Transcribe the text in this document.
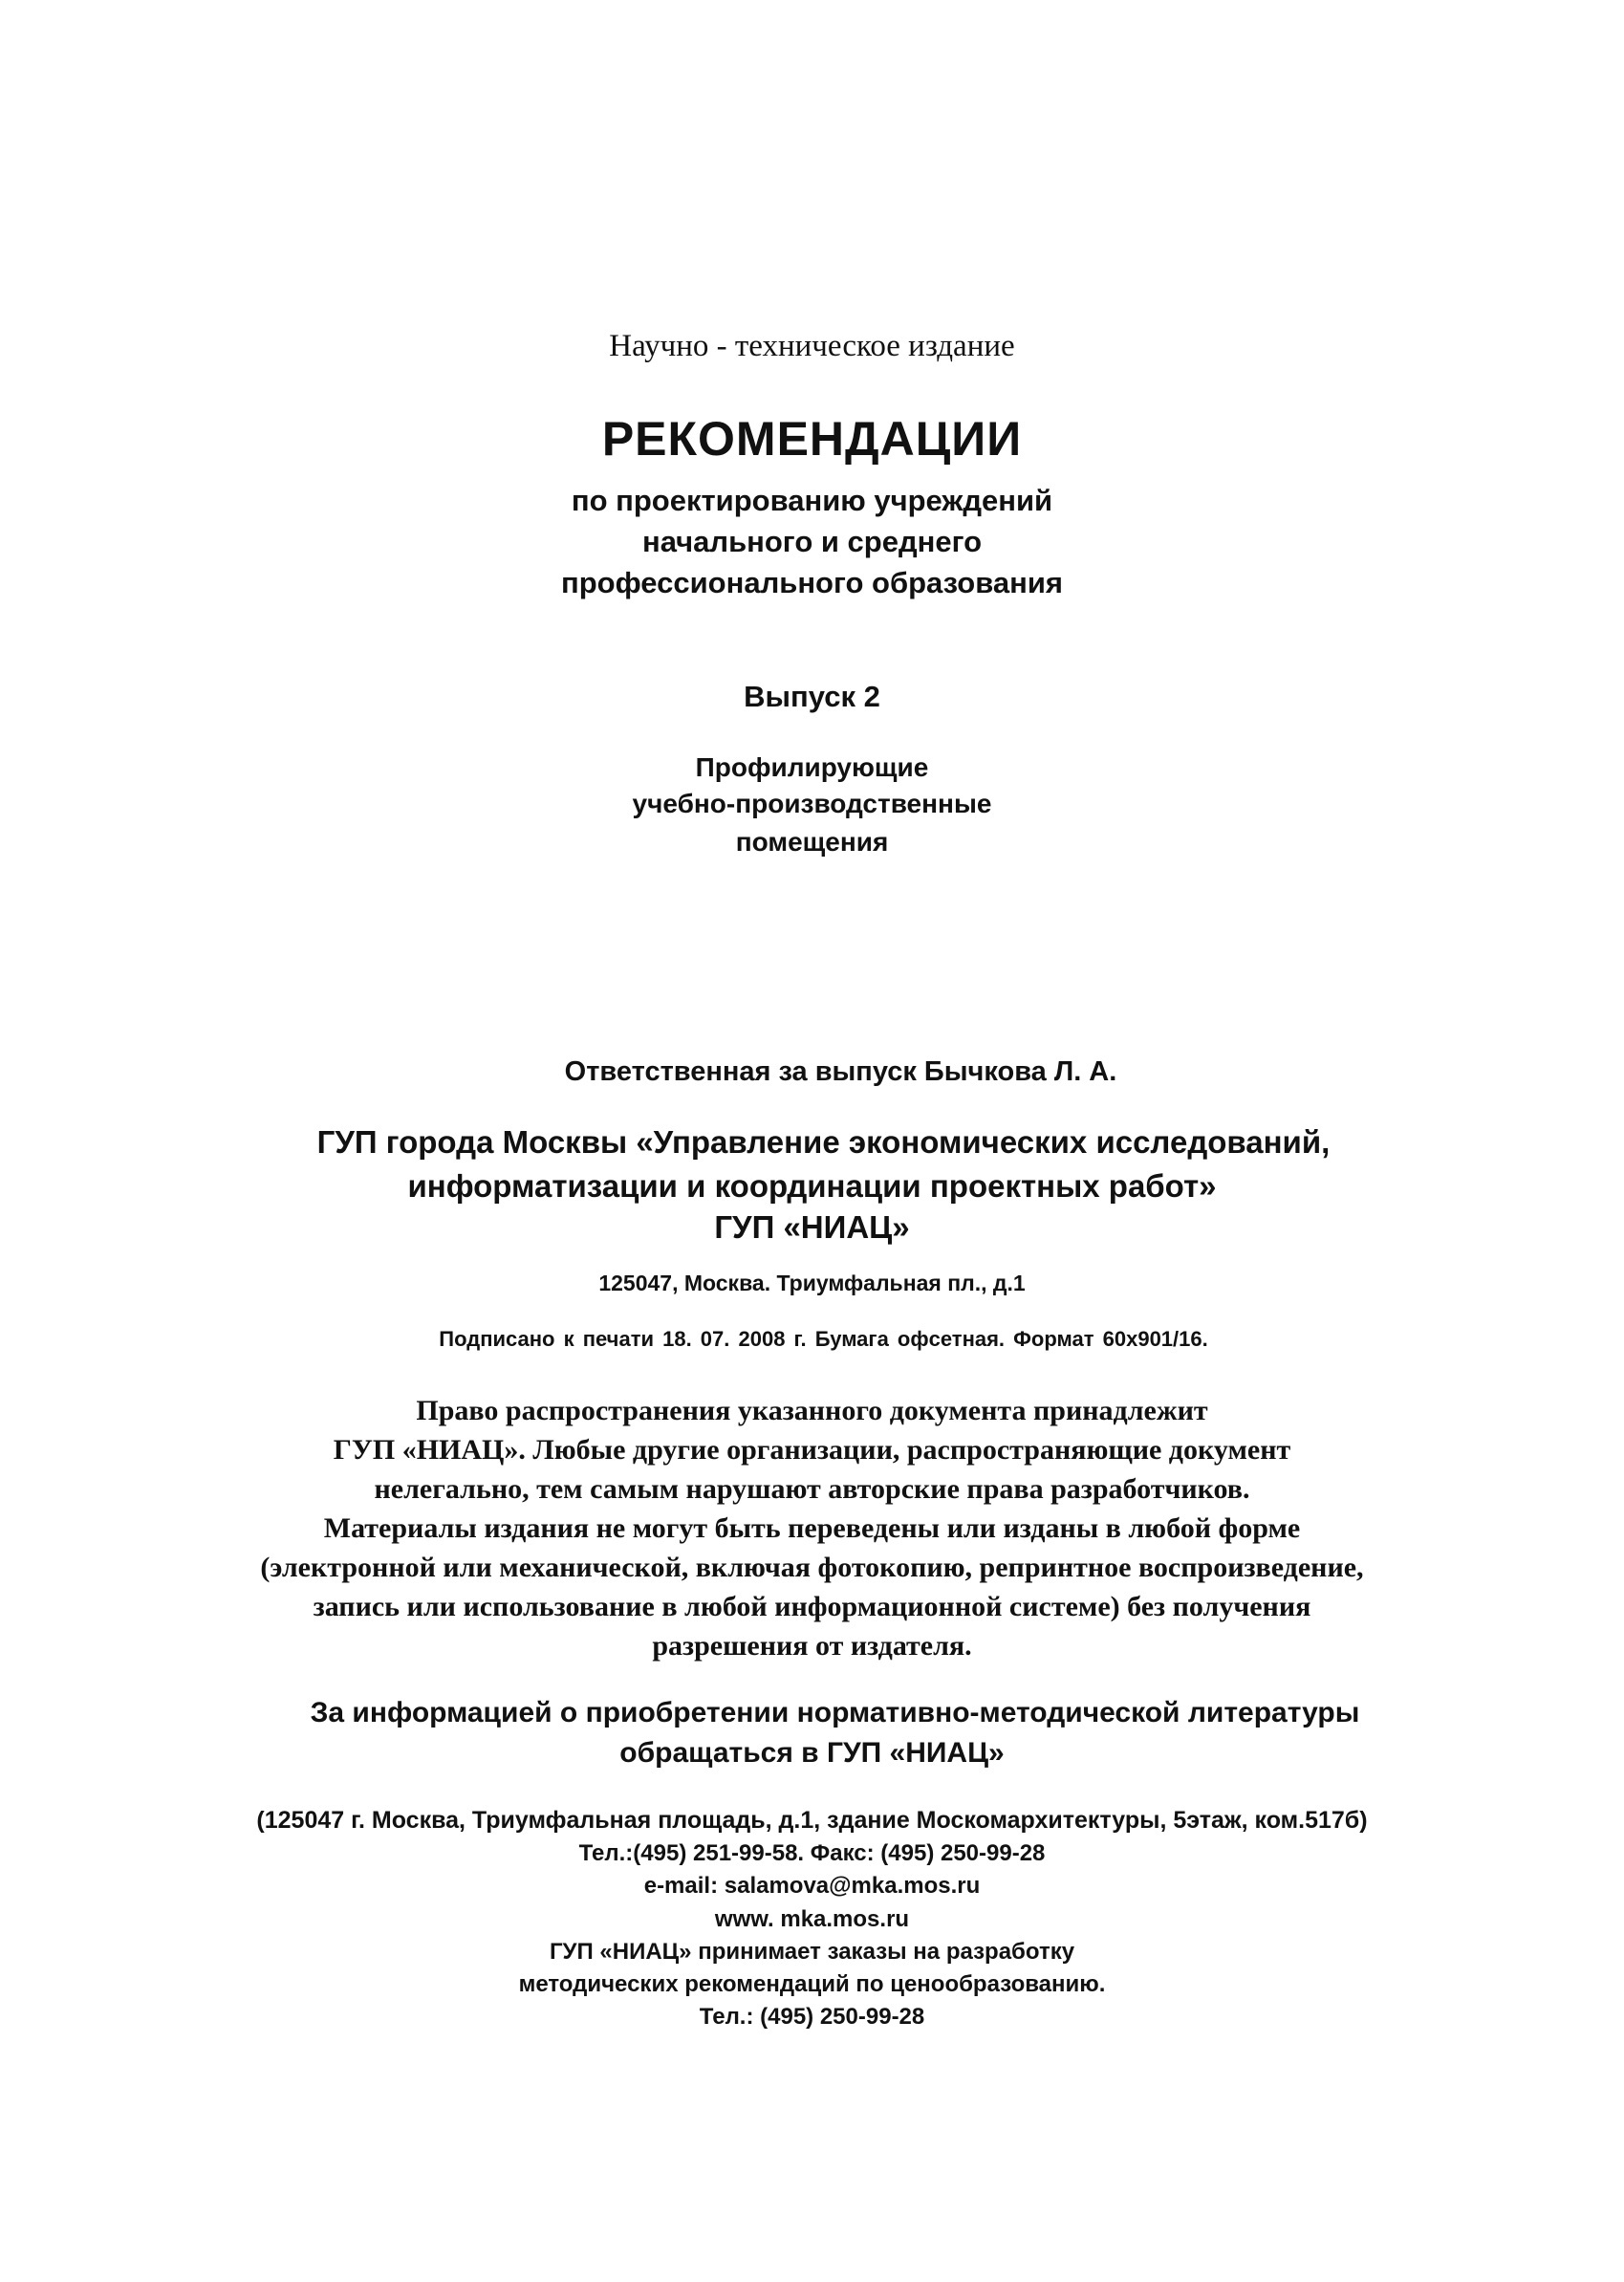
Научно - техническое издание

РЕКОМЕНДАЦИИ

по проектированию учреждений

начального и среднего

профессионального образования

Выпуск 2

Профилирующие

учебно-производственные

помещения

Ответственная за выпуск Бычкова Л. А.

ГУП города Москвы «Управление экономических исследований,

информатизации и координации проектных работ»

ГУП «НИАЦ»

125047, Москва. Триумфальная пл., д.1

Подписано к печати 18. 07. 2008 г. Бумага офсетная. Формат 60х901/16.

Право распространения указанного документа принадлежит

ГУП «НИАЦ». Любые другие организации, распространяющие документ

нелегально, тем самым нарушают авторские права разработчиков.

Материалы издания не могут быть переведены или изданы в любой форме

(электронной или механической, включая фотокопию, репринтное воспроизведение,

запись или использование в любой информационной системе) без получения

разрешения от издателя.

За информацией о приобретении нормативно-методической литературы

обращаться в ГУП «НИАЦ»

(125047 г. Москва, Триумфальная площадь, д.1, здание Москомархитектуры, 5этаж, ком.517б)

Тел.:(495) 251-99-58. Факс: (495) 250-99-28

e-mail: salamova@mka.mos.ru

www. mka.mos.ru

ГУП «НИАЦ» принимает заказы на разработку

методических рекомендаций по ценообразованию.

Тел.: (495) 250-99-28
